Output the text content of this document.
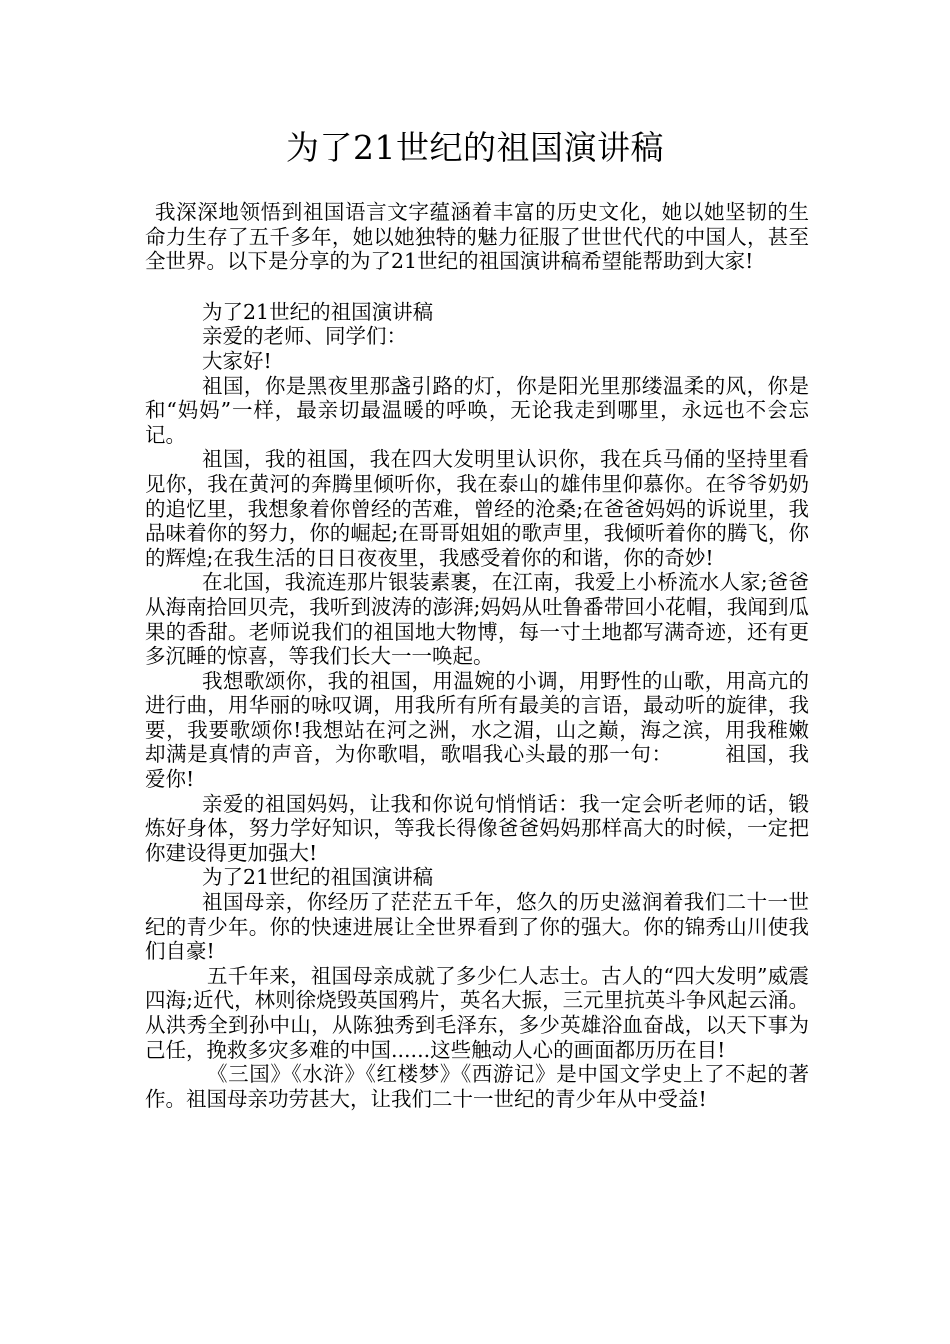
为了21世纪的祖国演讲稿

我深深地领悟到祖国语言文字蕴涵着丰富的历史文化，她以她坚韧的生命力生存了五千多年，她以她独特的魅力征服了世世代代的中国人，甚至全世界。以下是分享的为了21世纪的祖国演讲稿希望能帮助到大家!

为了21世纪的祖国演讲稿

亲爱的老师、同学们：

大家好!

祖国，你是黑夜里那盏引路的灯，你是阳光里那缕温柔的风，你是和“妈妈”一样，最亲切最温暖的呼唤，无论我走到哪里，永远也不会忘记。

祖国，我的祖国，我在四大发明里认识你，我在兵马俑的坚持里看见你，我在黄河的奔腾里倾听你，我在泰山的雄伟里仰慕你。在爷爷奶奶的追忆里，我想象着你曾经的苦难，曾经的沧桑;在爸爸妈妈的诉说里，我品味着你的努力，你的崛起;在哥哥姐姐的歌声里，我倾听着你的腾飞，你的辉煌;在我生活的日日夜夜里，我感受着你的和谐，你的奇妙!

在北国，我流连那片银装素裹，在江南，我爱上小桥流水人家;爸爸从海南拾回贝壳，我听到波涛的澎湃;妈妈从吐鲁番带回小花帽，我闻到瓜果的香甜。老师说我们的祖国地大物博，每一寸土地都写满奇迹，还有更多沉睡的惊喜，等我们长大一一唤起。

我想歌颂你，我的祖国，用温婉的小调，用野性的山歌，用高亢的进行曲，用华丽的咏叹调，用我所有所有最美的言语，最动听的旋律，我要，我要歌颂你!我想站在河之洲，水之湄，山之巅，海之滨，用我稚嫩却满是真情的声音，为你歌唱，歌唱我心头最的那一句：	祖国，我爱你!

亲爱的祖国妈妈，让我和你说句悄悄话：我一定会听老师的话，锻炼好身体，努力学好知识，等我长得像爸爸妈妈那样高大的时候，一定把你建设得更加强大!

为了21世纪的祖国演讲稿

祖国母亲，你经历了茫茫五千年，悠久的历史滋润着我们二十一世纪的青少年。你的快速进展让全世界看到了你的强大。你的锦秀山川使我们自豪!

五千年来，祖国母亲成就了多少仁人志士。古人的“四大发明”威震四海;近代，林则徐烧毁英国鸦片，英名大振，三元里抗英斗争风起云涌。从洪秀全到孙中山，从陈独秀到毛泽东，多少英雄浴血奋战，以天下事为己任，挽救多灾多难的中国......这些触动人心的画面都历历在目!

《三国》《水浒》《红楼梦》《西游记》是中国文学史上了不起的著作。祖国母亲功劳甚大，让我们二十一世纪的青少年从中受益!
